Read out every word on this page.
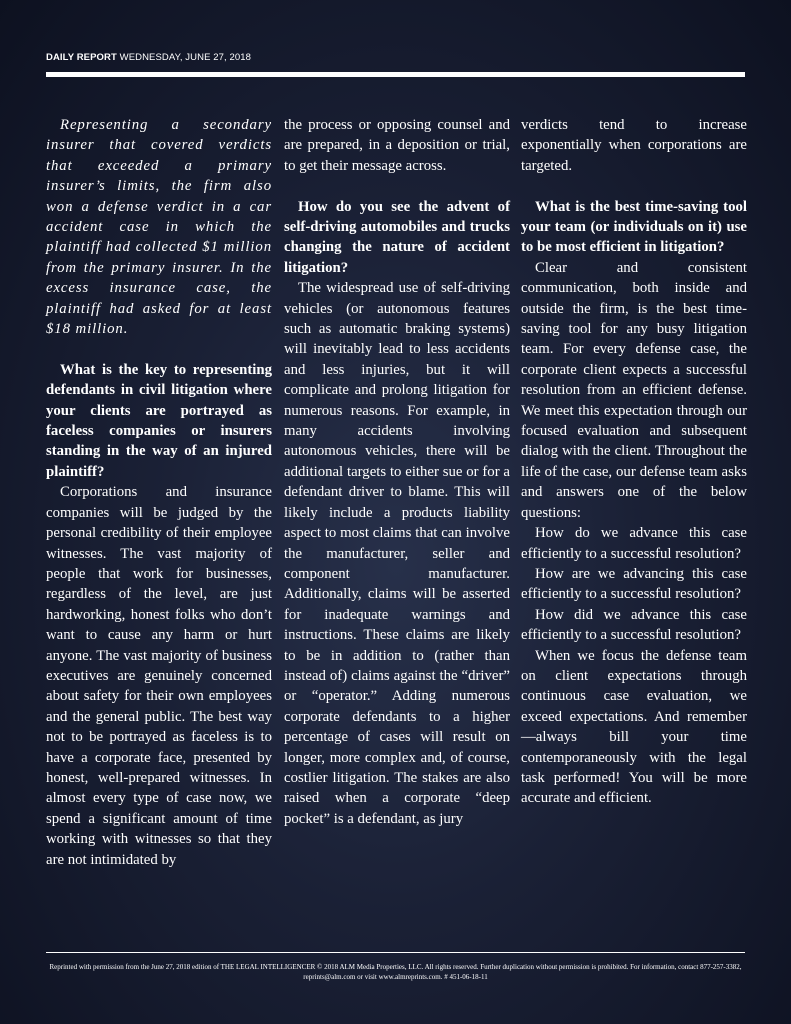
DAILY REPORT WEDNESDAY, JUNE 27, 2018

Representing a secondary insurer that covered verdicts that exceeded a primary insurer’s limits, the firm also won a defense verdict in a car accident case in which the plaintiff had collected $1 million from the primary insurer. In the excess insurance case, the plaintiff had asked for at least $18 million.

What is the key to representing defendants in civil litigation where your clients are portrayed as faceless companies or insurers standing in the way of an injured plaintiff?

Corporations and insurance companies will be judged by the personal credibility of their employee witnesses. The vast majority of people that work for businesses, regardless of the level, are just hardworking, honest folks who don’t want to cause any harm or hurt anyone. The vast majority of business executives are genuinely concerned about safety for their own employees and the general public. The best way not to be portrayed as faceless is to have a corporate face, presented by honest, well-prepared witnesses. In almost every type of case now, we spend a significant amount of time working with witnesses so that they are not intimidated by

the process or opposing counsel and are prepared, in a deposition or trial, to get their message across.

How do you see the advent of self-driving automobiles and trucks changing the nature of accident litigation?

The widespread use of self-driving vehicles (or autonomous features such as automatic braking systems) will inevitably lead to less accidents and less injuries, but it will complicate and prolong litigation for numerous reasons. For example, in many accidents involving autonomous vehicles, there will be additional targets to either sue or for a defendant driver to blame. This will likely include a products liability aspect to most claims that can involve the manufacturer, seller and component manufacturer. Additionally, claims will be asserted for inadequate warnings and instructions. These claims are likely to be in addition to (rather than instead of) claims against the “driver” or “operator.” Adding numerous corporate defendants to a higher percentage of cases will result on longer, more complex and, of course, costlier litigation. The stakes are also raised when a corporate “deep pocket” is a defendant, as jury

verdicts tend to increase exponentially when corporations are targeted.

What is the best time-saving tool your team (or individuals on it) use to be most efficient in litigation?

Clear and consistent communication, both inside and outside the firm, is the best time-saving tool for any busy litigation team. For every defense case, the corporate client expects a successful resolution from an efficient defense. We meet this expectation through our focused evaluation and subsequent dialog with the client. Throughout the life of the case, our defense team asks and answers one of the below questions:

How do we advance this case efficiently to a successful resolution?

How are we advancing this case efficiently to a successful resolution?

How did we advance this case efficiently to a successful resolution?

When we focus the defense team on client expectations through continuous case evaluation, we exceed expectations. And remember—always bill your time contemporaneously with the legal task performed! You will be more accurate and efficient.

Reprinted with permission from the June 27, 2018 edition of THE LEGAL INTELLIGENCER © 2018 ALM Media Properties, LLC. All rights reserved. Further duplication without permission is prohibited. For information, contact 877-257-3382, reprints@alm.com or visit www.almreprints.com. # 451-06-18-11
